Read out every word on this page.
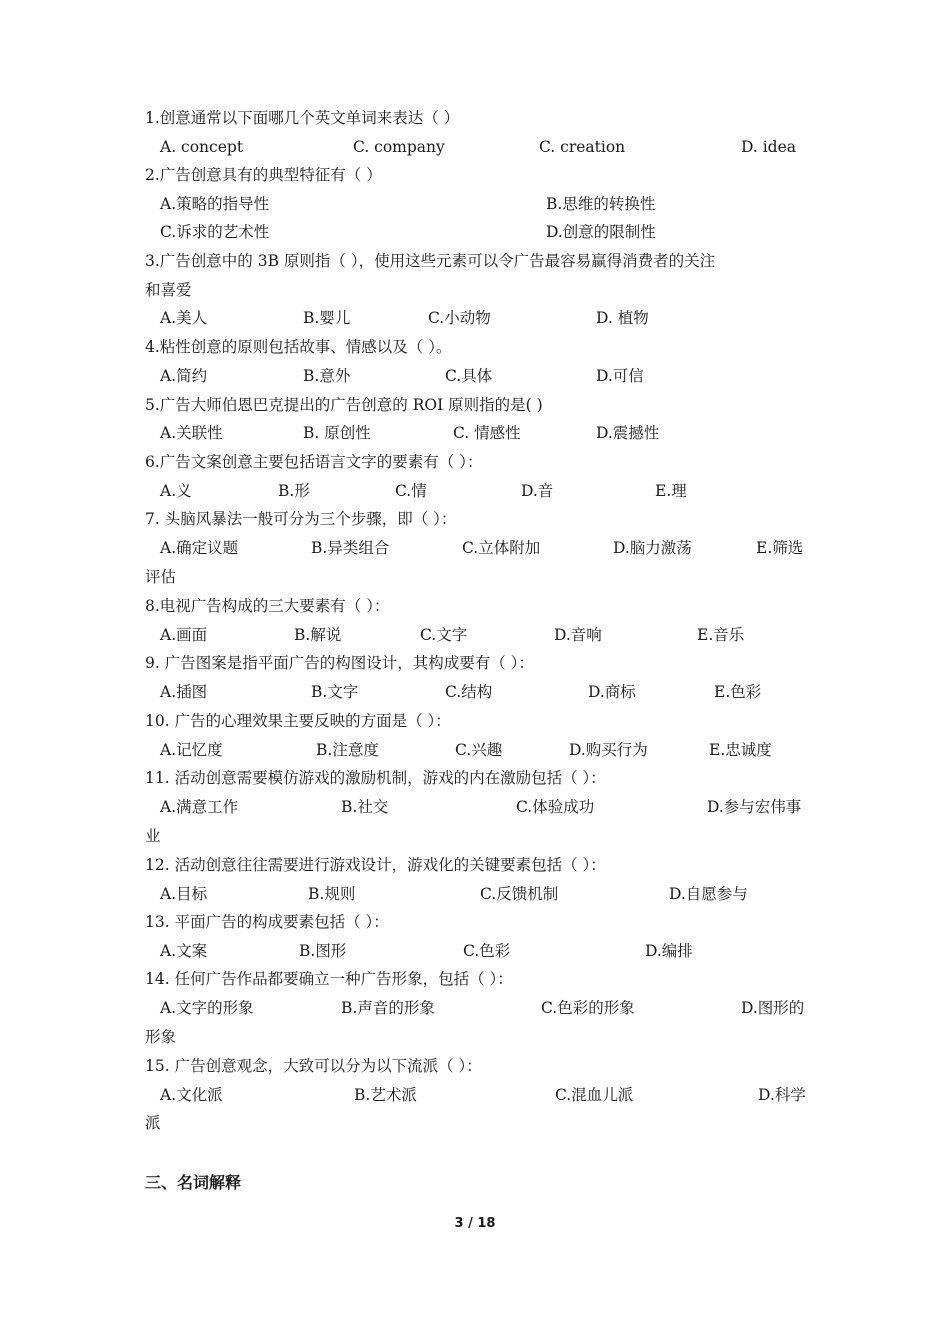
1.创意通常以下面哪几个英文单词来表达（ ）
A. concept	C. company	C. creation	D. idea
2.广告创意具有的典型特征有（ ）
A.策略的指导性	B.思维的转换性
C.诉求的艺术性	D.创意的限制性
3.广告创意中的 3B 原则指（ ），使用这些元素可以令广告最容易赢得消费者的关注
和喜爱
A.美人	B.婴儿	C.小动物	D. 植物
4.粘性创意的原则包括故事、情感以及（ ）。
A.简约	B.意外	C.具体	D.可信
5.广告大师伯恩巴克提出的广告创意的 ROI 原则指的是( )
A.关联性	B. 原创性	C. 情感性	D.震撼性
6.广告文案创意主要包括语言文字的要素有（ ）：
A.义	B.形	C.情	D.音	E.理
7. 头脑风暴法一般可分为三个步骤，即（ ）：
A.确定议题	B.异类组合	C.立体附加	D.脑力激荡	E.筛选
评估
8.电视广告构成的三大要素有（ ）：
A.画面	B.解说	C.文字	D.音响	E.音乐
9. 广告图案是指平面广告的构图设计，其构成要有（ ）：
A.插图	B.文字	C.结构	D.商标	E.色彩
10. 广告的心理效果主要反映的方面是（ ）：
A.记忆度	B.注意度	C.兴趣	D.购买行为	E.忠诚度
11. 活动创意需要模仿游戏的激励机制，游戏的内在激励包括（ ）：
A.满意工作	B.社交	C.体验成功	D.参与宏伟事
业
12. 活动创意往往需要进行游戏设计，游戏化的关键要素包括（ ）：
A.目标	B.规则	C.反馈机制	D.自愿参与
13. 平面广告的构成要素包括（ ）：
A.文案	B.图形	C.色彩	D.编排
14. 任何广告作品都要确立一种广告形象，包括（ ）：
A.文字的形象	B.声音的形象	C.色彩的形象	D.图形的
形象
15. 广告创意观念，大致可以分为以下流派（ ）：
A.文化派	B.艺术派	C.混血儿派	D.科学
派
三、名词解释
3 / 18
